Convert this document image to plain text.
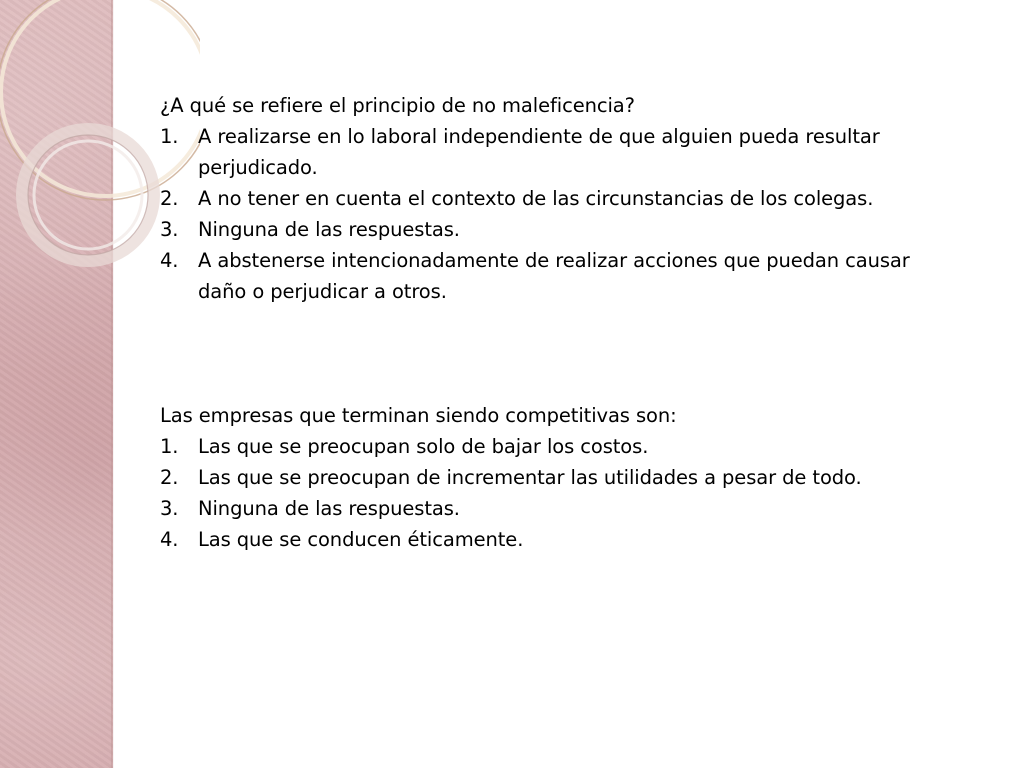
¿A qué se refiere el principio de no maleficencia?

1.	A realizarse en lo laboral independiente de que alguien pueda resultar perjudicado.
2.	A no tener en cuenta el contexto de las circunstancias de los colegas.
3.	Ninguna de las respuestas.
4.	A abstenerse intencionadamente de realizar acciones que puedan causar daño o perjudicar a otros.

Las empresas que terminan siendo competitivas son:

1.	Las que se preocupan solo de bajar los costos.
2.	Las que se preocupan de incrementar las utilidades a pesar de todo.
3.	Ninguna de las respuestas.
4.	Las que se conducen éticamente.
